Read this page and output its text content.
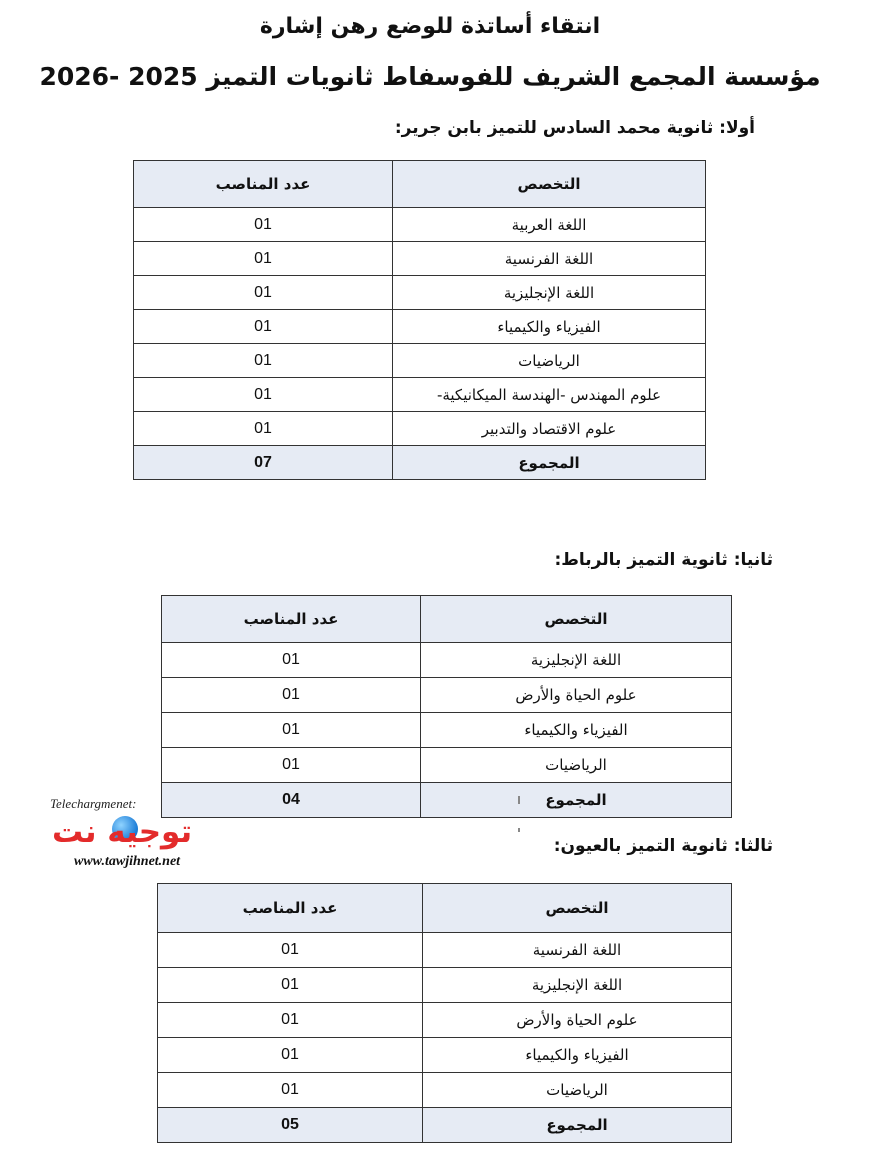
انتقاء أساتذة للوضع رهن إشارة
مؤسسة المجمع الشريف للفوسفاط ثانويات التميز 2025 -2026

أولا: ثانوية محمد السادس للتميز بابن جرير:

التخصص	عدد المناصب
اللغة العربية	01
اللغة الفرنسية	01
اللغة الإنجليزية	01
الفيزياء والكيمياء	01
الرياضيات	01
علوم المهندس -الهندسة الميكانيكية-	01
علوم الاقتصاد والتدبير	01
المجموع	07

ثانيا: ثانوية التميز بالرباط:

التخصص	عدد المناصب
اللغة الإنجليزية	01
علوم الحياة والأرض	01
الفيزياء والكيمياء	01
الرياضيات	01
المجموع	04
Telechargmenet:
توجيه نت
www.tawjihnet.net

ثالثا: ثانوية التميز بالعيون:

التخصص	عدد المناصب
اللغة الفرنسية	01
اللغة الإنجليزية	01
علوم الحياة والأرض	01
الفيزياء والكيمياء	01
الرياضيات	01
المجموع	05
